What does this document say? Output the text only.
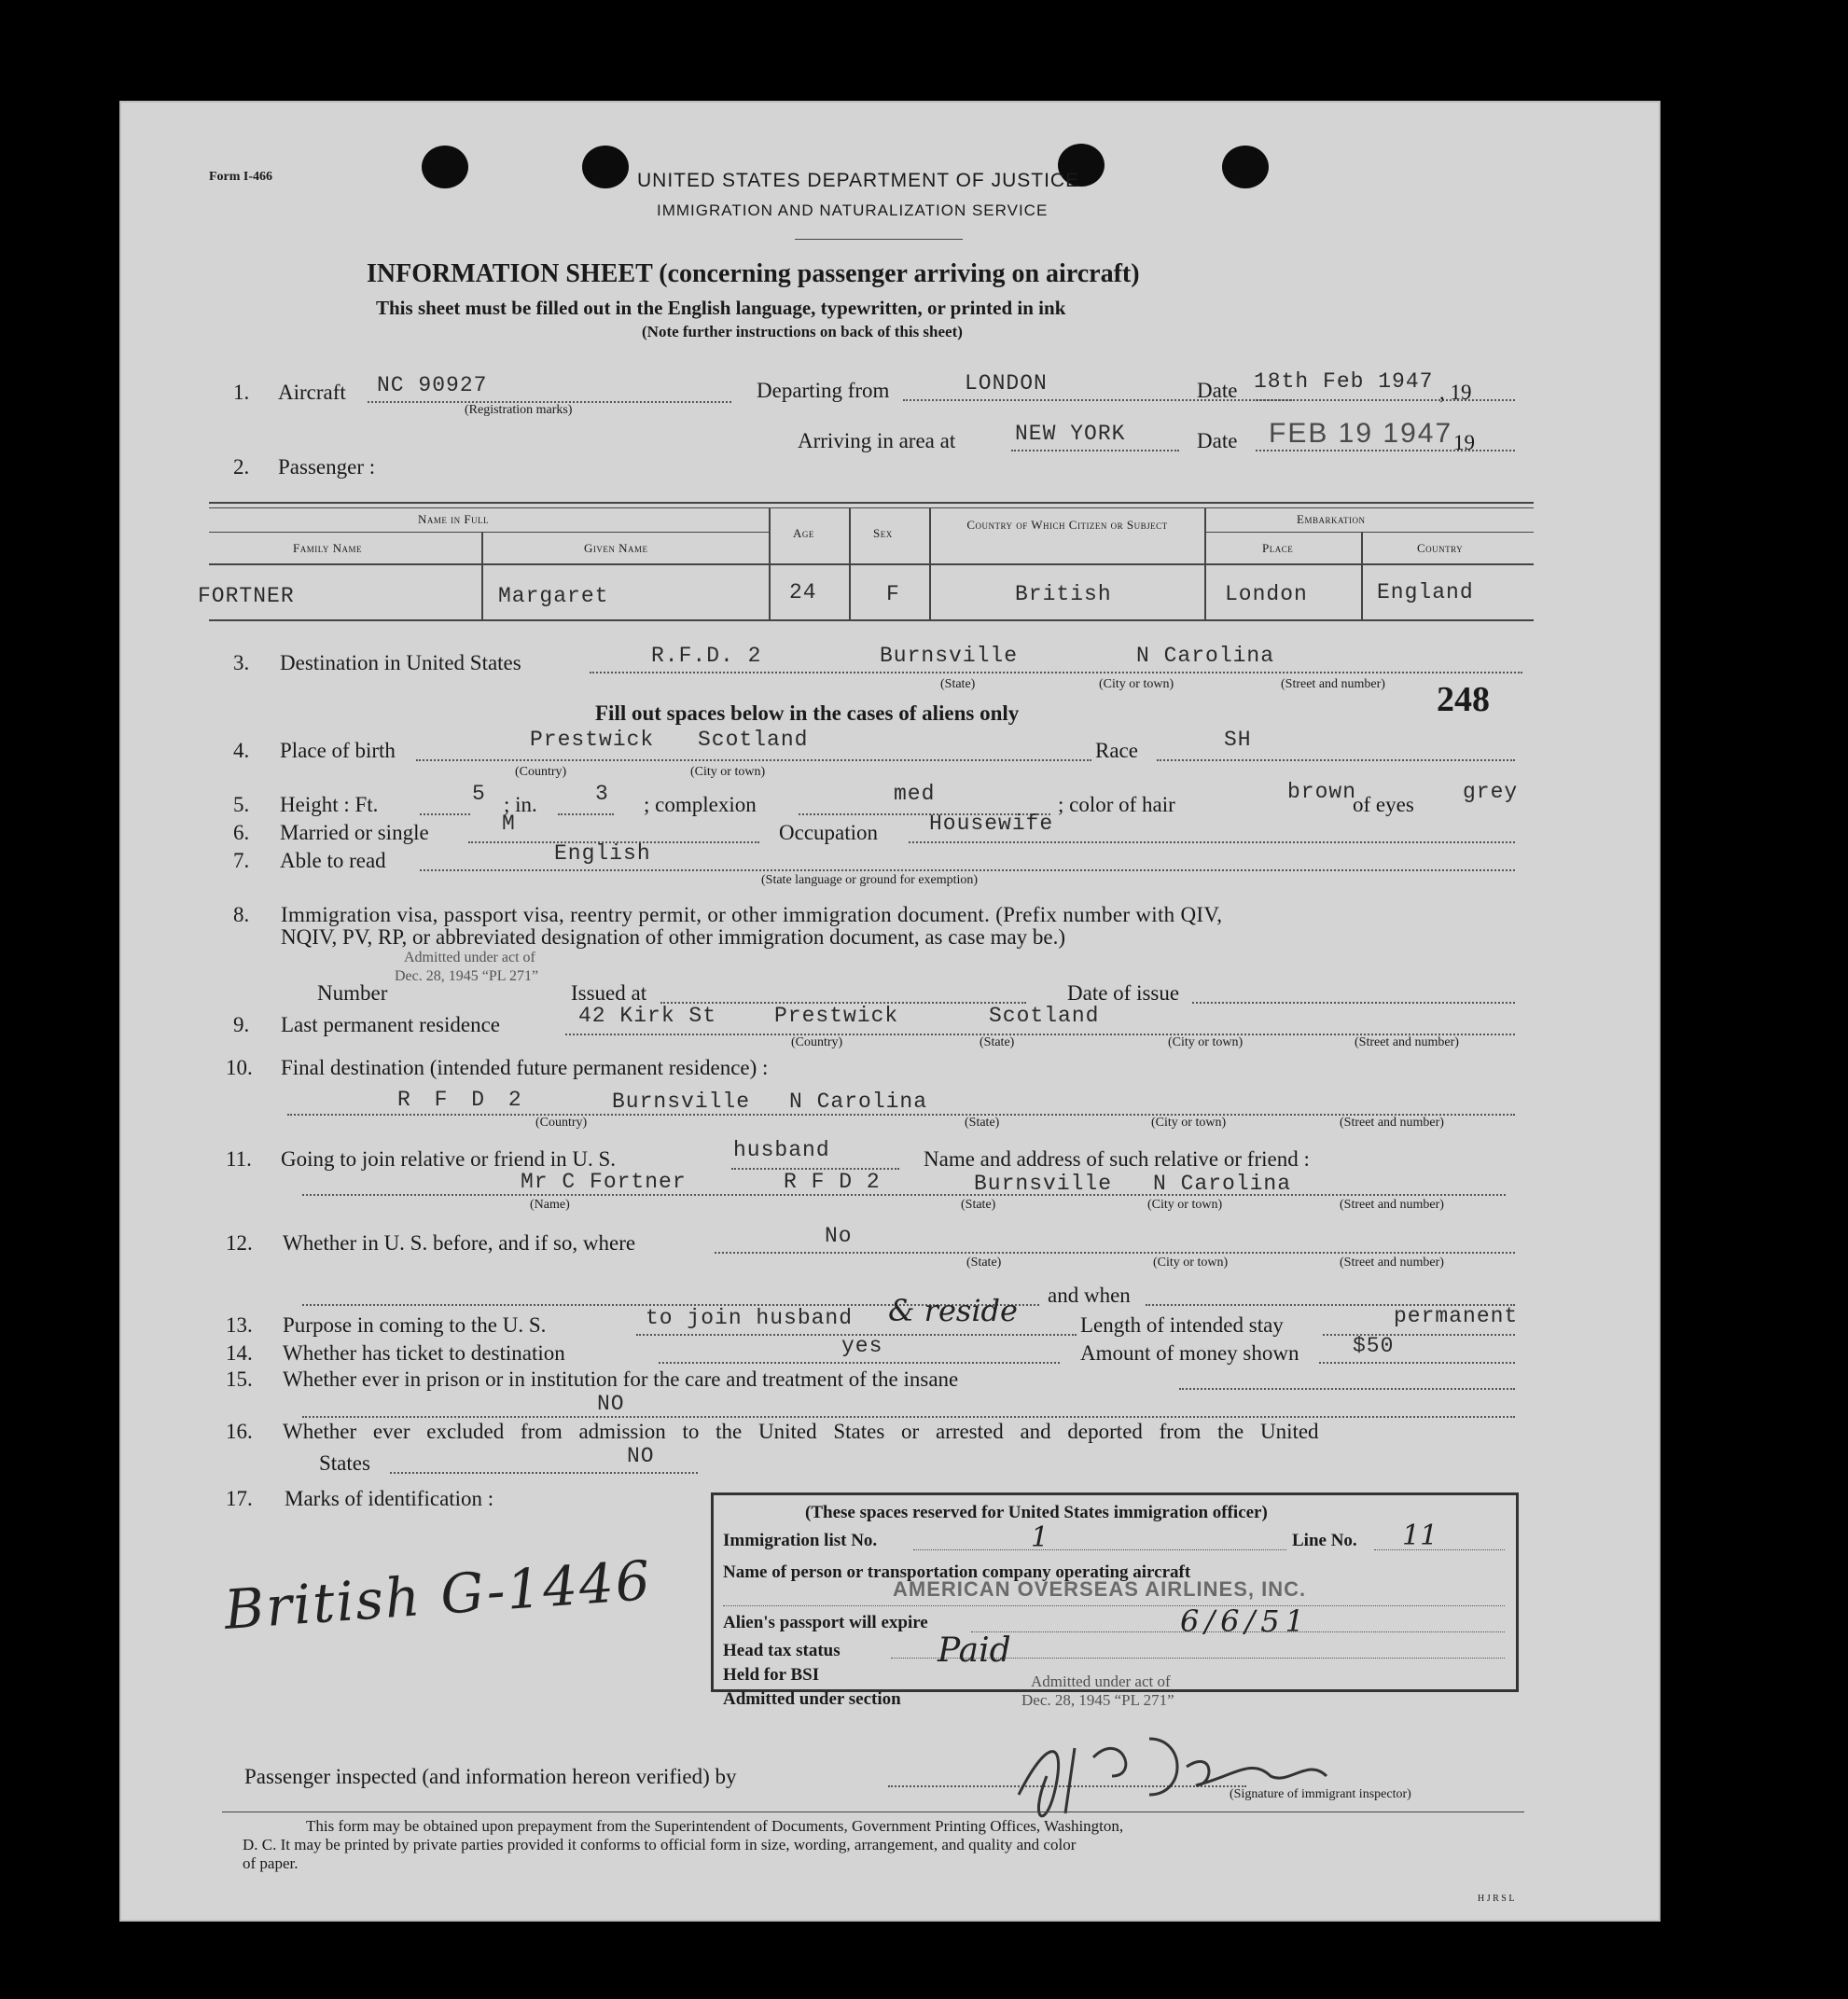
Form I-466	UNITED STATES DEPARTMENT OF JUSTICE
IMMIGRATION AND NATURALIZATION SERVICE
INFORMATION SHEET (concerning passenger arriving on aircraft)
This sheet must be filled out in the English language, typewritten, or printed in ink
(Note further instructions on back of this sheet)
1. Aircraft NC 90927
(Registration marks)
Departing from	LONDON	Date 18th Feb 1947 , 19
Arriving in area at	NEW YORK	Date FEB 19 1947 19
2. Passenger :
Name in Full
Family Name	Given Name
Age	Sex
Country of Which Citizen or Subject	Embarkation
Place	Country
FORTNER	Margaret	24	F	British	London	England
3. Destination in United States	R.F.D. 2	Burnsville	N Carolina
(State)	(City or town)	(Street and number) 248
Fill out spaces below in the cases of aliens only
4. Place of birth	Prestwick Scotland
(Country)	(City or town)
Race	SH
5. Height : Ft.	5 ; in.	3 ; complexion	med	; color of hair
brown
of eyes
grey
6. Married or single	M	Occupation Housewife
7. Able to read	English
(State language or ground for exemption)
8. Immigration visa, passport visa, reentry permit, or other immigration document. (Prefix number with QIV,
NQIV, PV, RP, or abbreviated designation of other immigration document, as case may be.)
Admitted under act of
Dec. 28, 1945 “PL 271”
Number	Issued at	Date of issue
9. Last permanent residence	42 Kirk St	Prestwick	Scotland
(Country)	(State)	(City or town)	(Street and number)
10. Final destination (intended future permanent residence) :
R F D 2	Burnsville N Carolina
(Country)	(State)	(City or town)	(Street and number)
11. Going to join relative or friend in U. S.	husband	Name and address of such relative or friend :
Mr C Fortner	R F D 2	Burnsville N Carolina
(Name)	(State)	(City or town)	(Street and number)
12. Whether in U. S. before, and if so, where	No
(State)	(City or town)	(Street and number)
and when
13. Purpose in coming to the U. S.	to join husband & reside	Length of intended stay	permanent
14. Whether has ticket to destination	yes	Amount of money shown	$50
15. Whether ever in prison or in institution for the care and treatment of the insane
NO
16. Whether ever excluded from admission to the United States or arrested and deported from the United
States	NO
17. Marks of identification :
British G-1446
(These spaces reserved for United States immigration officer)
Immigration list No.	1	Line No. 11
Name of person or transportation company operating aircraft
AMERICAN OVERSEAS AIRLINES, INC.
Alien's passport will expire	6/6/51
Head tax status	Paid
Held for BSI
Admitted under section
Admitted under act of
Dec. 28, 1945 “PL 271”
Passenger inspected (and information hereon verified) by
(Signature of immigrant inspector)
This form may be obtained upon prepayment from the Superintendent of Documents, Government Printing Offices, Washington,
D. C. It may be printed by private parties provided it conforms to official form in size, wording, arrangement, and quality and color
of paper.
H J R S L
